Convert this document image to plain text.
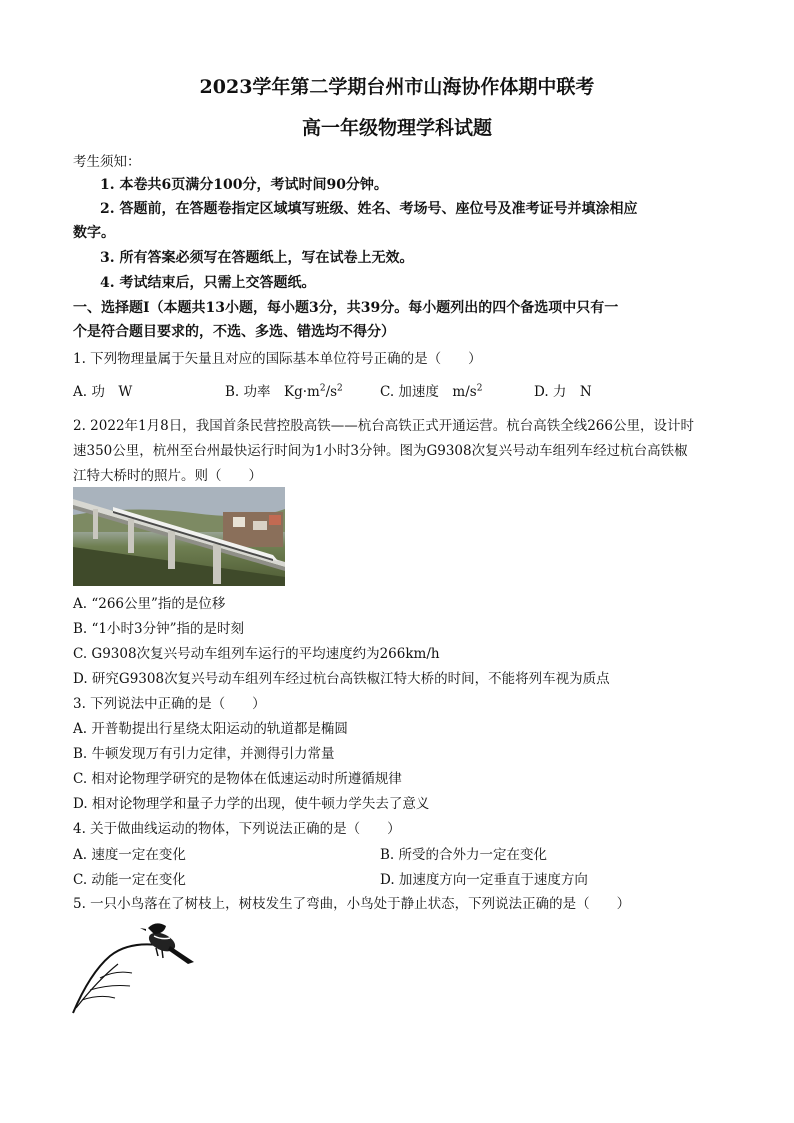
2023学年第二学期台州市山海协作体期中联考
高一年级物理学科试题
考生须知：
1. 本卷共6页满分100分，考试时间90分钟。
2. 答题前，在答题卷指定区域填写班级、姓名、考场号、座位号及准考证号并填涂相应
数字。
3. 所有答案必须写在答题纸上，写在试卷上无效。
4. 考试结束后，只需上交答题纸。
一、选择题Ⅰ（本题共13小题，每小题3分，共39分。每小题列出的四个备选项中只有一
个是符合题目要求的，不选、多选、错选均不得分）
1. 下列物理量属于矢量且对应的国际基本单位符号正确的是（　　）
A. 功　W	B. 功率　$Kg\cdot m^2/s^2$	C. 加速度　$m/s^2$	D. 力　N
2. 2022年1月8日，我国首条民营控股高铁——杭台高铁正式开通运营。杭台高铁全线266公里，设计时
速350公里，杭州至台州最快运行时间为1小时3分钟。图为G9308次复兴号动车组列车经过杭台高铁椒
江特大桥时的照片。则（　　）
A. “266公里”指的是位移
B. “1小时3分钟”指的是时刻
C. G9308次复兴号动车组列车运行的平均速度约为266km/h
D. 研究G9308次复兴号动车组列车经过杭台高铁椒江特大桥的时间，不能将列车视为质点
3. 下列说法中正确的是（　　）
A. 开普勒提出行星绕太阳运动的轨道都是椭圆
B. 牛顿发现万有引力定律，并测得引力常量
C. 相对论物理学研究的是物体在低速运动时所遵循规律
D. 相对论物理学和量子力学的出现，使牛顿力学失去了意义
4. 关于做曲线运动的物体，下列说法正确的是（　　）
A. 速度一定在变化	B. 所受的合外力一定在变化
C. 动能一定在变化	D. 加速度方向一定垂直于速度方向
5. 一只小鸟落在了树枝上，树枝发生了弯曲，小鸟处于静止状态，下列说法正确的是（　　）
